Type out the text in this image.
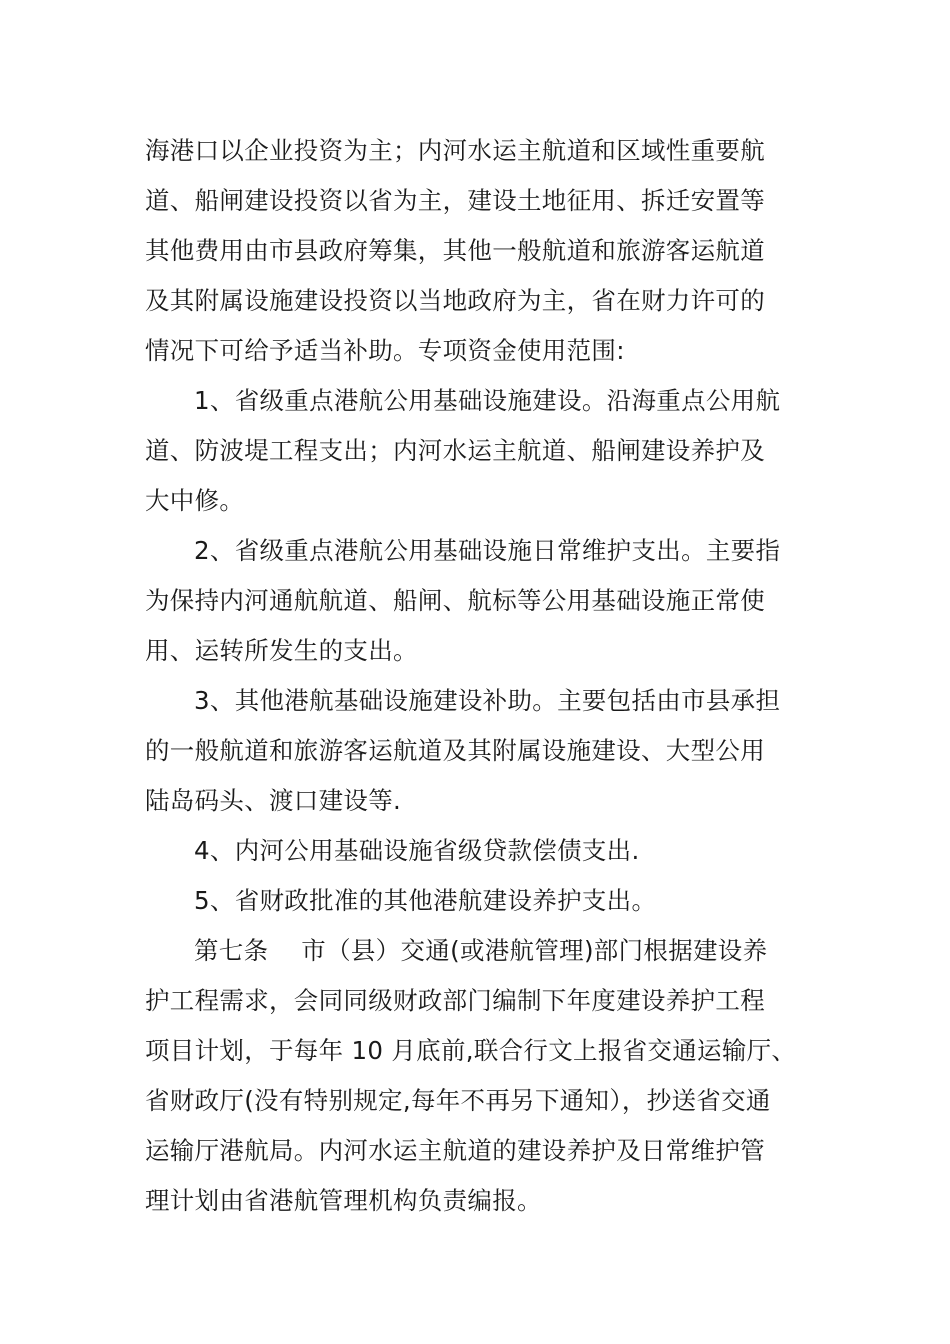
海港口以企业投资为主；内河水运主航道和区域性重要航
道、船闸建设投资以省为主，建设土地征用、拆迁安置等
其他费用由市县政府筹集，其他一般航道和旅游客运航道
及其附属设施建设投资以当地政府为主，省在财力许可的
情况下可给予适当补助。专项资金使用范围:
1、省级重点港航公用基础设施建设。沿海重点公用航
道、防波堤工程支出；内河水运主航道、船闸建设养护及
大中修。
2、省级重点港航公用基础设施日常维护支出。主要指
为保持内河通航航道、船闸、航标等公用基础设施正常使
用、运转所发生的支出。
3、其他港航基础设施建设补助。主要包括由市县承担
的一般航道和旅游客运航道及其附属设施建设、大型公用
陆岛码头、渡口建设等.
4、内河公用基础设施省级贷款偿债支出.
5、省财政批准的其他港航建设养护支出。
第七条　 市（县）交通(或港航管理)部门根据建设养
护工程需求，会同同级财政部门编制下年度建设养护工程
项目计划，于每年 10 月底前,联合行文上报省交通运输厅、
省财政厅(没有特别规定,每年不再另下通知），抄送省交通
运输厅港航局。内河水运主航道的建设养护及日常维护管
理计划由省港航管理机构负责编报。
